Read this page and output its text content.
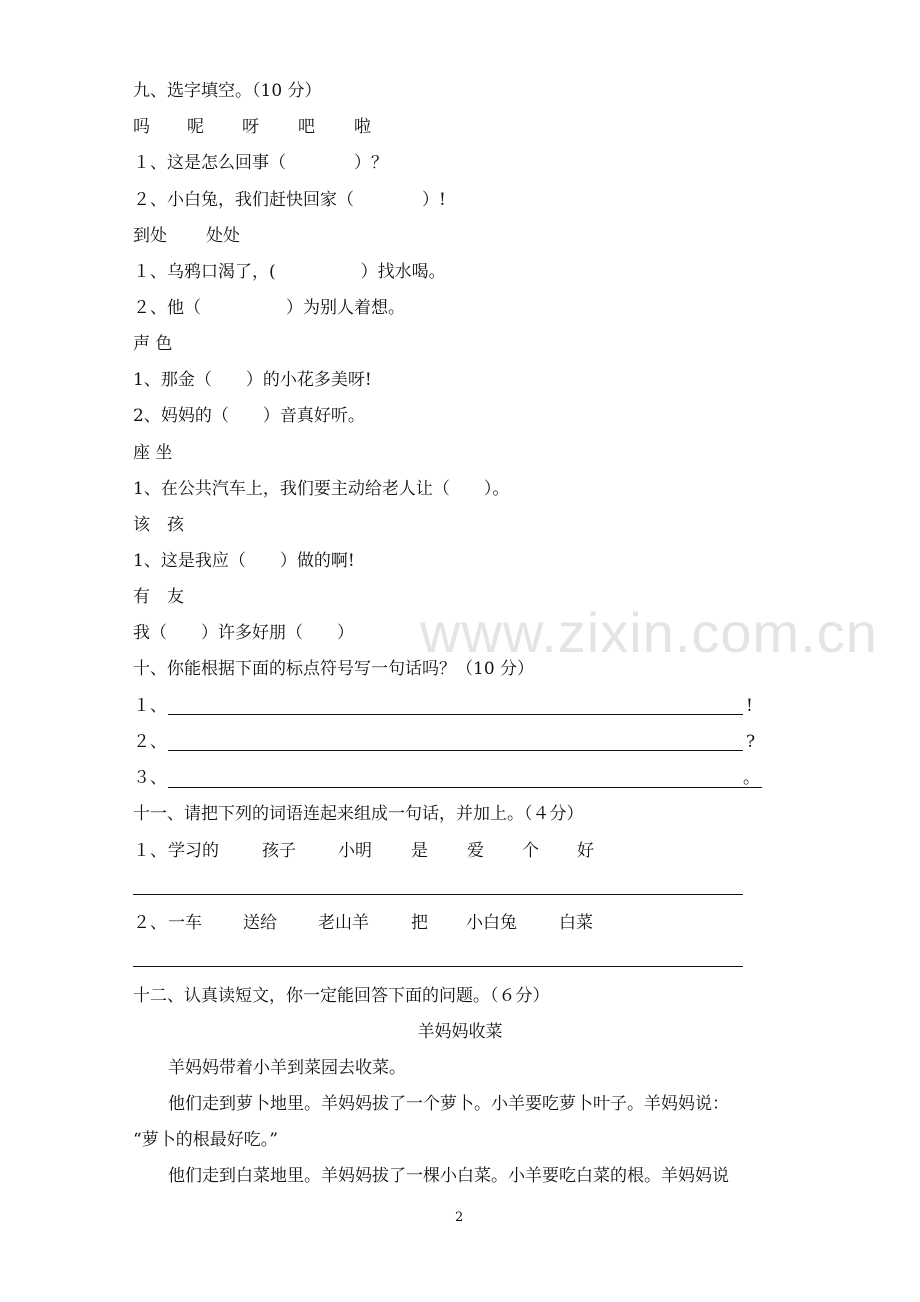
www.zixin.com.cn
九、选字填空。（10 分）
吗 呢 呀 吧 啦
１、这是怎么回事（　　　　）？
２、小白兔，我们赶快回家（　　　　）!
到处 处处
１、乌鸦口渴了，(　　　　　）找水喝。
２、他（　　　　　）为别人着想。
声 色
1、那金（　　）的小花多美呀!
2、妈妈的（　　）音真好听。
座 坐
1、在公共汽车上，我们要主动给老人让（　　）。
该　孩
1、这是我应（　　）做的啊!
有　友
我（　　）许多好朋（　　）
十、你能根据下面的标点符号写一句话吗？（10 分）
１、	!
２、	?
３、	。
十一、请把下列的词语连起来组成一句话，并加上。（４分）
１、 学习的	孩子 小明 是 爱 个 好
２、 一车 送给 老山羊 把 小白兔 白菜
十二、认真读短文，你一定能回答下面的问题。（６分）
羊妈妈收菜
羊妈妈带着小羊到菜园去收菜。
他们走到萝卜地里。羊妈妈拔了一个萝卜。小羊要吃萝卜叶子。羊妈妈说：
“萝卜的根最好吃。”
他们走到白菜地里。羊妈妈拔了一棵小白菜。小羊要吃白菜的根。羊妈妈说
2
